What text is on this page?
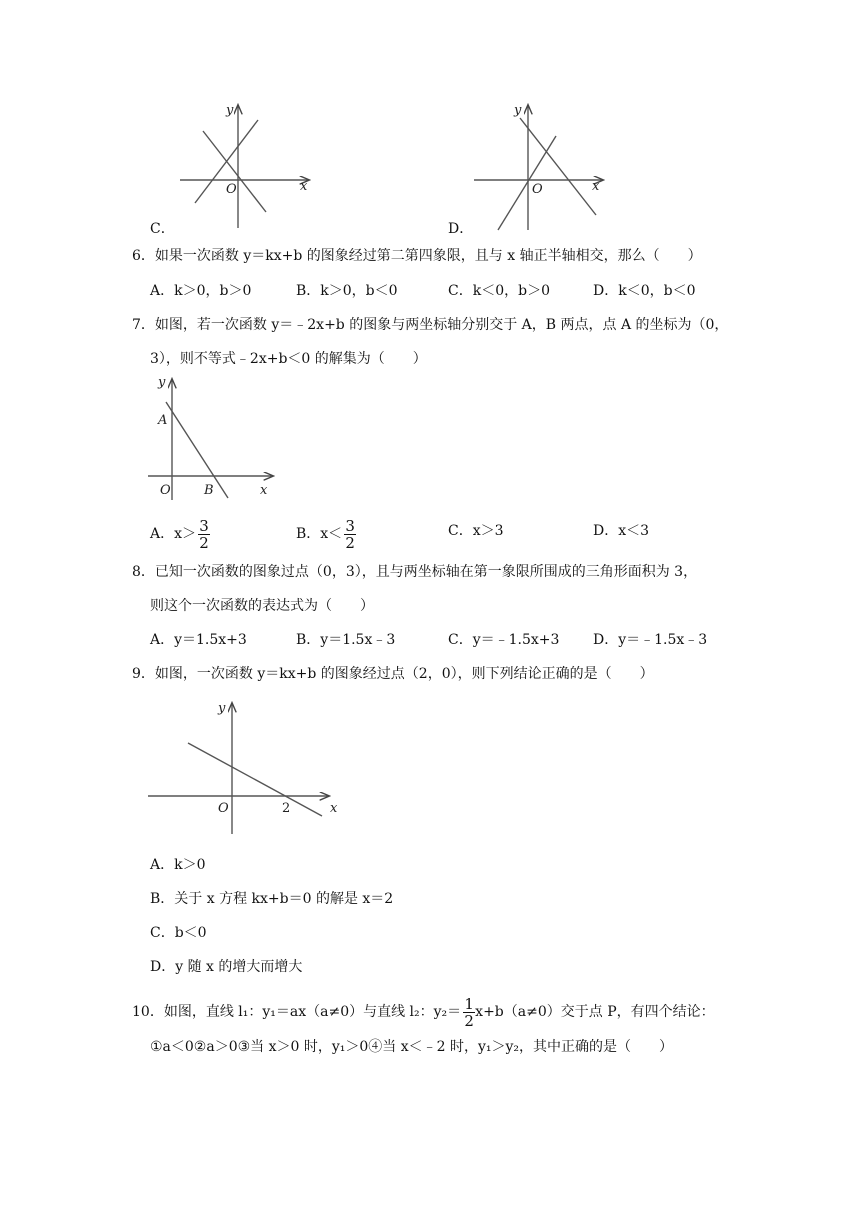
y
x
O
C．
y
x
O
D．
6．如果一次函数 y＝kx+b 的图象经过第二第四象限，且与 x 轴正半轴相交，那么（　　）
A．k＞0，b＞0	B．k＞0，b＜0	C．k＜0，b＞0	D．k＜0，b＜0
7．如图，若一次函数 y＝﹣2x+b 的图象与两坐标轴分别交于 A，B 两点，点 A 的坐标为（0，
3），则不等式﹣2x+b＜0 的解集为（　　）
y
A
O	B	x
A．$x> \frac{3}{2}$	B．$x< \frac{3}{2}$	C．x＞3	D．x＜3
8．已知一次函数的图象过点（0，3），且与两坐标轴在第一象限所围成的三角形面积为 3，
则这个一次函数的表达式为（　　）
A．y＝1.5x+3	B．y＝1.5x﹣3	C．y＝﹣1.5x+3 D．y＝﹣1.5x﹣3
9．如图，一次函数 y＝kx+b 的图象经过点（2，0），则下列结论正确的是（　　）
y
O	2	x
A．k＞0
B．关于 x 方程 kx+b＝0 的解是 x＝2
C．b＜0
D．y 随 x 的增大而增大
10．如图，直线 l₁：y₁＝ax（a≠0）与直线 l₂：$y_2= \frac{1}{2} x+b(a\ne 0)$交于点 P，有四个结论：
①a＜0②a＞0③当 x＞0 时，y₁＞0④当 x＜﹣2 时，y₁＞y₂，其中正确的是（　　）
